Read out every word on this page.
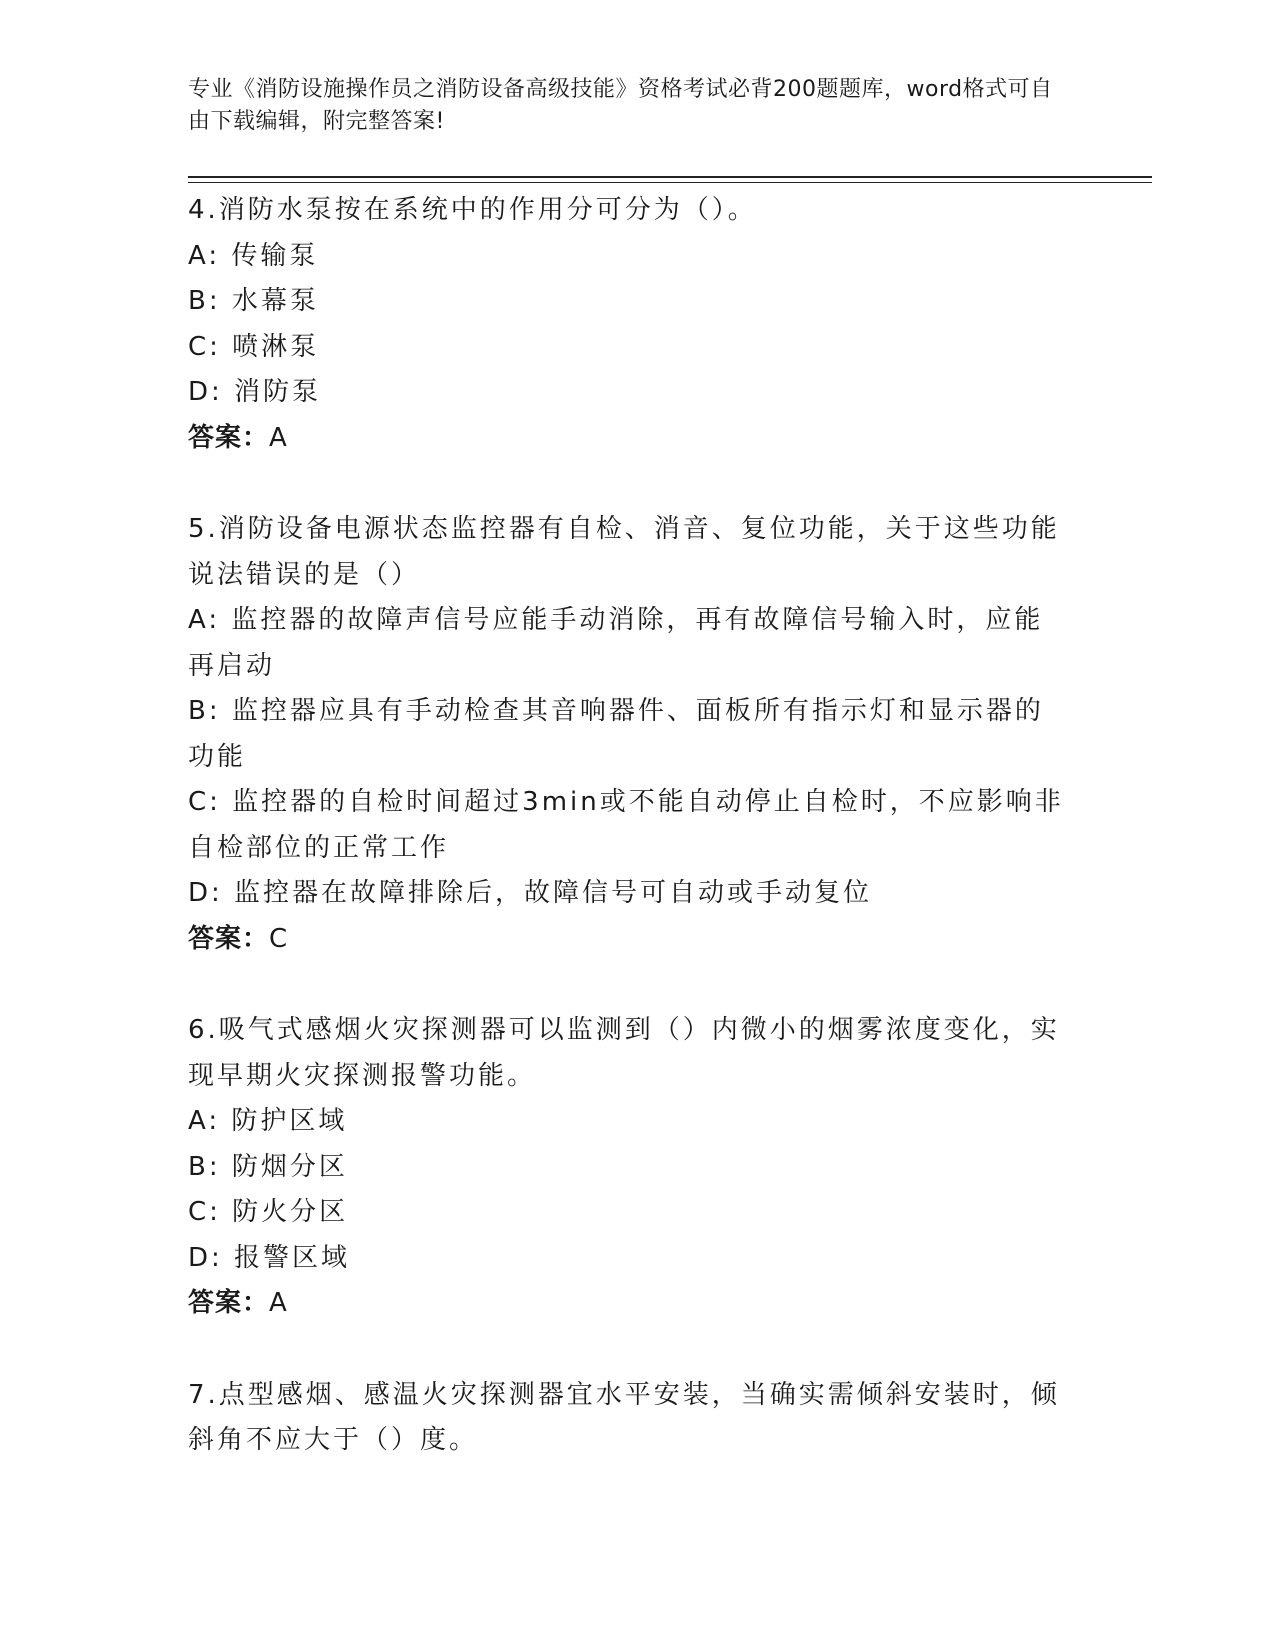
专业《消防设施操作员之消防设备高级技能》资格考试必背200题题库，word格式可自由下载编辑，附完整答案!
4.消防水泵按在系统中的作用分可分为（）。
A: 传输泵
B: 水幕泵
C: 喷淋泵
D: 消防泵
答案：A
5.消防设备电源状态监控器有自检、消音、复位功能，关于这些功能说法错误的是（）
A: 监控器的故障声信号应能手动消除，再有故障信号输入时，应能再启动
B: 监控器应具有手动检查其音响器件、面板所有指示灯和显示器的功能
C: 监控器的自检时间超过3min或不能自动停止自检时，不应影响非自检部位的正常工作
D: 监控器在故障排除后，故障信号可自动或手动复位
答案：C
6.吸气式感烟火灾探测器可以监测到（）内微小的烟雾浓度变化，实现早期火灾探测报警功能。
A: 防护区域
B: 防烟分区
C: 防火分区
D: 报警区域
答案：A
7.点型感烟、感温火灾探测器宜水平安装，当确实需倾斜安装时，倾斜角不应大于（）度。
